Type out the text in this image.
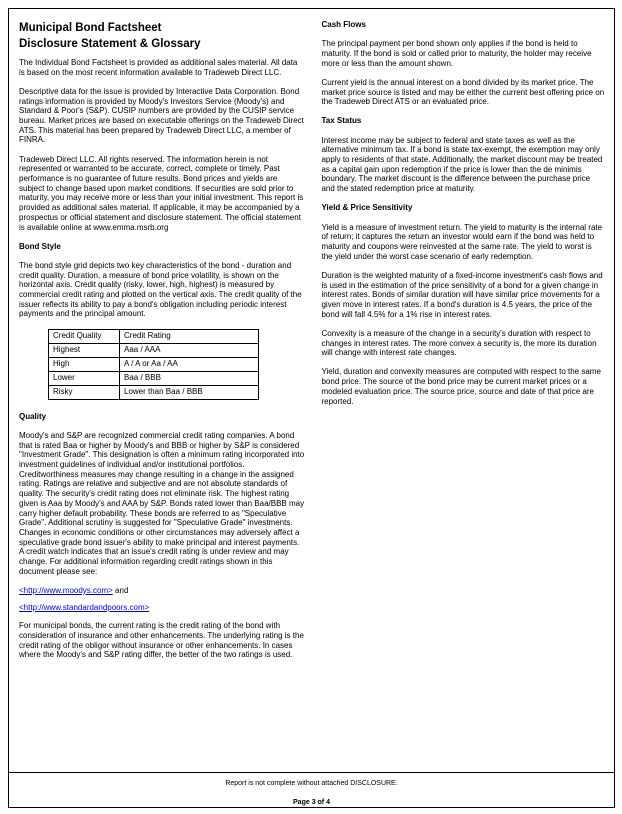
Municipal Bond Factsheet
Disclosure Statement & Glossary

The Individual Bond Factsheet is provided as additional sales material. All data is based on the most recent information available to Tradeweb Direct LLC.

Descriptive data for the issue is provided by Interactive Data Corporation. Bond ratings information is provided by Moody's Investors Service (Moody's) and Standard & Poor's (S&P). CUSIP numbers are provided by the CUSIP service bureau. Market prices are based on executable offerings on the Tradeweb Direct ATS. This material has been prepared by Tradeweb Direct LLC, a member of FINRA.

Tradeweb Direct LLC. All rights reserved. The information herein is not represented or warranted to be accurate, correct, complete or timely. Past performance is no guarantee of future results. Bond prices and yields are subject to change based upon market conditions. If securities are sold prior to maturity, you may receive more or less than your initial investment. This report is provided as additional sales material. If applicable, it may be accompanied by a prospectus or official statement and disclosure statement. The official statement is available online at www.emma.msrb.org

Bond Style

The bond style grid depicts two key characteristics of the bond - duration and credit quality. Duration, a measure of bond price volatility, is shown on the horizontal axis. Credit quality (risky, lower, high, highest) is measured by commercial credit rating and plotted on the vertical axis. The credit quality of the issuer reflects its ability to pay a bond's obligation including periodic interest payments and the principal amount.

Credit Quality	Credit Rating
Highest	Aaa / AAA
High	A / A or Aa / AA
Lower	Baa / BBB
Risky	Lower than Baa / BBB
Quality

Moody's and S&P are recognized commercial credit rating companies. A bond that is rated Baa or higher by Moody's and BBB or higher by S&P is considered "Investment Grade". This designation is often a minimum rating incorporated into investment guidelines of individual and/or institutional portfolios. Creditworthiness measures may change resulting in a change in the assigned rating. Ratings are relative and subjective and are not absolute standards of quality. The security's credit rating does not eliminate risk. The highest rating given is Aaa by Moody's and AAA by S&P. Bonds rated lower than Baa/BBB may carry higher default probability. These bonds are referred to as "Speculative Grade". Additional scrutiny is suggested for "Speculative Grade" investments. Changes in economic conditions or other circumstances may adversely affect a speculative grade bond issuer's ability to make principal and interest payments. A credit watch indicates that an issue's credit rating is under review and may change. For additional information regarding credit ratings shown in this document please see:

<http://www.moodys.com> and

<http://www.standardandpoors.com>

For municipal bonds, the current rating is the credit rating of the bond with consideration of insurance and other enhancements. The underlying rating is the credit rating of the obligor without insurance or other enhancements. In cases where the Moody's and S&P rating differ, the better of the two ratings is used.

Cash Flows

The principal payment per bond shown only applies if the bond is held to maturity. If the bond is sold or called prior to maturity, the holder may receive more or less than the amount shown.

Current yield is the annual interest on a bond divided by its market price. The market price source is listed and may be either the current best offering price on the Tradeweb Direct ATS or an evaluated price.

Tax Status

Interest income may be subject to federal and state taxes as well as the alternative minimum tax. If a bond is state tax-exempt, the exemption may only apply to residents of that state. Additionally, the market discount may be treated as a capital gain upon redemption if the price is lower than the de minimis boundary. The market discount is the difference between the purchase price and the stated redemption price at maturity.

Yield & Price Sensitivity

Yield is a measure of investment return. The yield to maturity is the internal rate of return; it captures the return an investor would earn if the bond was held to maturity and coupons were reinvested at the same rate. The yield to worst is the yield under the worst case scenario of early redemption.

Duration is the weighted maturity of a fixed-income investment's cash flows and is used in the estimation of the price sensitivity of a bond for a given change in interest rates. Bonds of similar duration will have similar price movements for a given move in interest rates. If a bond's duration is 4.5 years, the price of the bond will fall 4.5% for a 1% rise in interest rates.

Convexity is a measure of the change in a security's duration with respect to changes in interest rates. The more convex a security is, the more its duration will change with interest rate changes.

Yield, duration and convexity measures are computed with respect to the same bond price. The source of the bond price may be current market prices or a modeled evaluation price. The source price, source and date of that price are reported.

Report is not complete without attached DISCLOSURE.
Page 3 of 4
